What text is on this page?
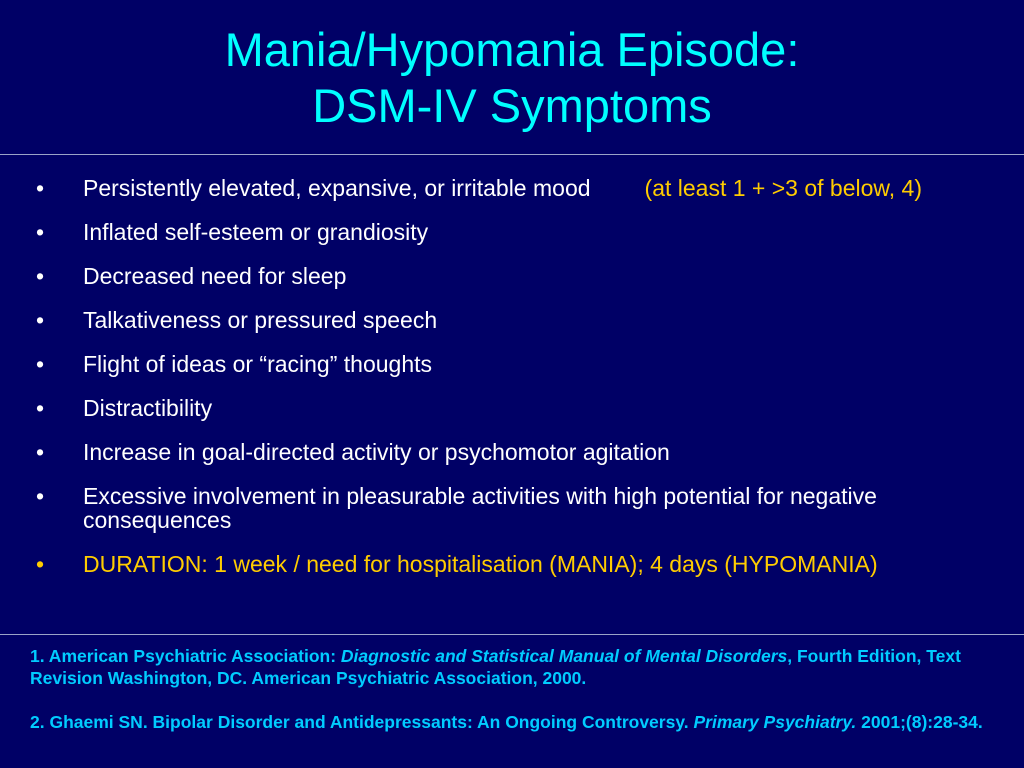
Mania/Hypomania Episode:
DSM-IV Symptoms
• Persistently elevated, expansive, or irritable mood (at least 1 + >3 of below, 4)
• Inflated self-esteem or grandiosity
• Decreased need for sleep
• Talkativeness or pressured speech
• Flight of ideas or “racing” thoughts
• Distractibility
• Increase in goal-directed activity or psychomotor agitation
• Excessive involvement in pleasurable activities with high potential for negative consequences
• DURATION: 1 week / need for hospitalisation (MANIA); 4 days (HYPOMANIA)

1. American Psychiatric Association: Diagnostic and Statistical Manual of Mental Disorders, Fourth Edition, Text Revision Washington, DC. American Psychiatric Association, 2000.

2. Ghaemi SN. Bipolar Disorder and Antidepressants: An Ongoing Controversy. Primary Psychiatry. 2001;(8):28-34.
